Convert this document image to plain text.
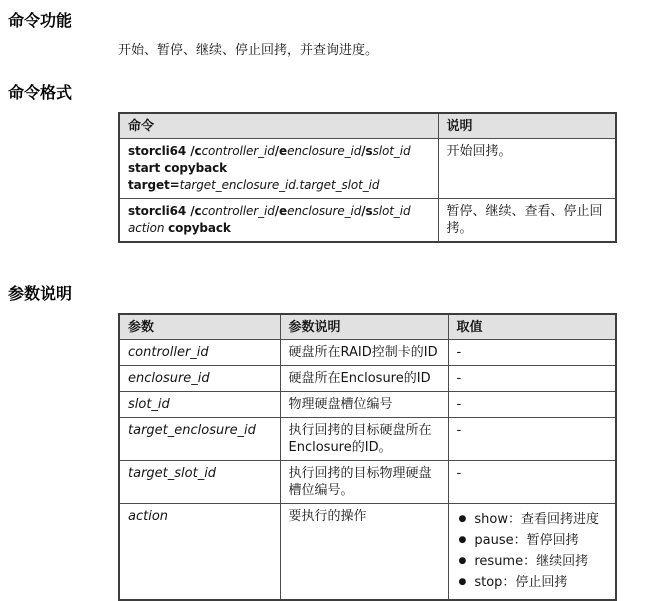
命令功能
开始、暂停、继续、停止回拷，并查询进度。
命令格式
命令	说明

storcli64 /ccontroller_id/eenclosure_id/sslot_id
start copyback
target=target_enclosure_id.target_slot_id	开始回拷。

storcli64 /ccontroller_id/eenclosure_id/sslot_id
action copyback	暂停、继续、查看、停止回拷。
参数说明
参数	参数说明	取值
controller_id	硬盘所在RAID控制卡的ID	-
enclosure_id	硬盘所在Enclosure的ID	-
slot_id	物理硬盘槽位编号	-
target_enclosure_id	执行回拷的目标硬盘所在Enclosure的ID。	-
target_slot_id	执行回拷的目标物理硬盘槽位编号。	-
action	要执行的操作	● show：查看回拷进度
● pause：暂停回拷
● resume：继续回拷
● stop：停止回拷
